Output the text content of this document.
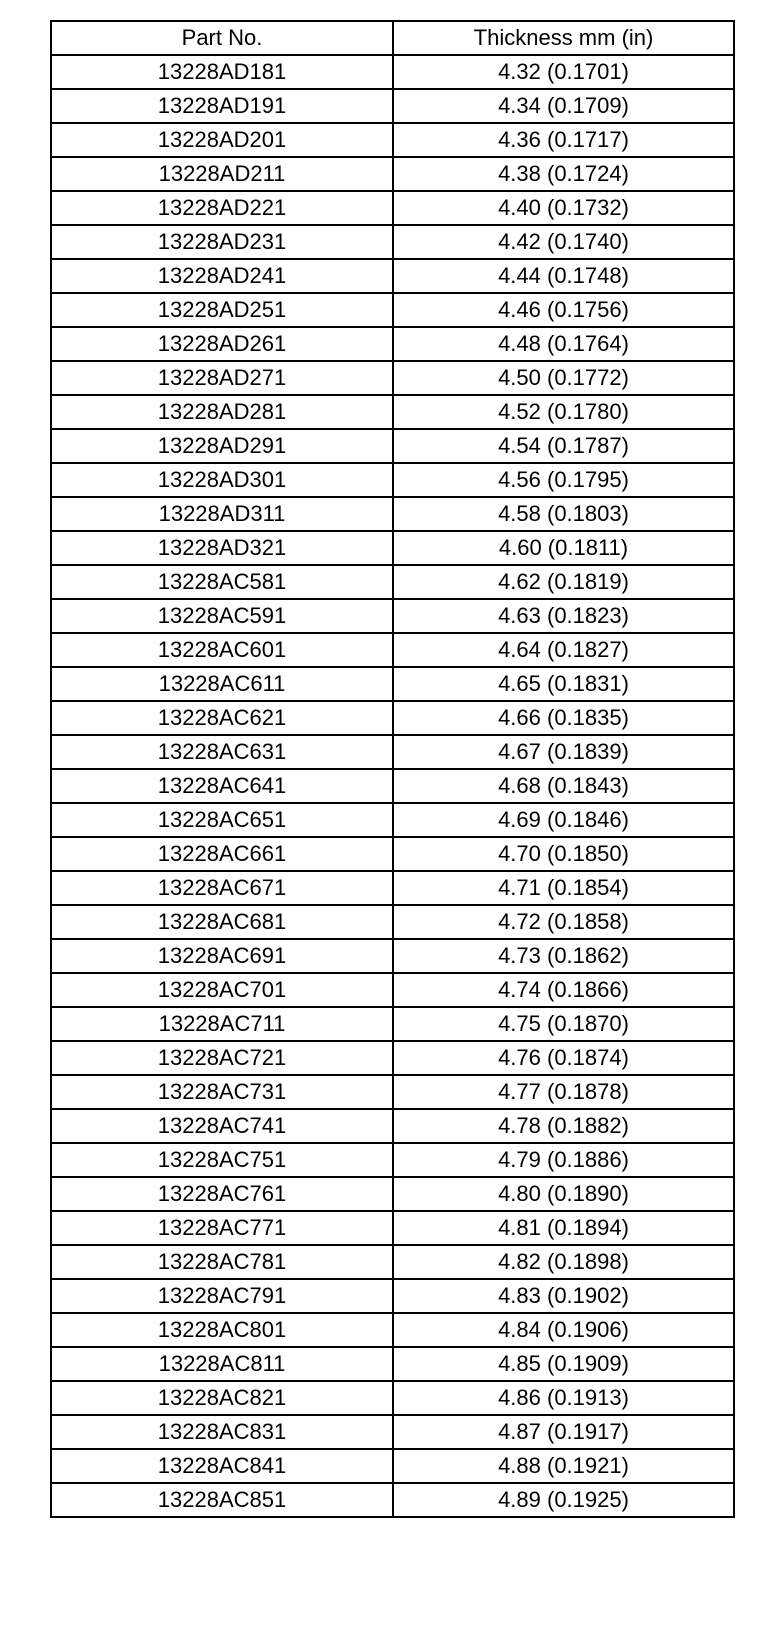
Part No.	Thickness mm (in)
13228AD181	4.32 (0.1701)
13228AD191	4.34 (0.1709)
13228AD201	4.36 (0.1717)
13228AD211	4.38 (0.1724)
13228AD221	4.40 (0.1732)
13228AD231	4.42 (0.1740)
13228AD241	4.44 (0.1748)
13228AD251	4.46 (0.1756)
13228AD261	4.48 (0.1764)
13228AD271	4.50 (0.1772)
13228AD281	4.52 (0.1780)
13228AD291	4.54 (0.1787)
13228AD301	4.56 (0.1795)
13228AD311	4.58 (0.1803)
13228AD321	4.60 (0.1811)
13228AC581	4.62 (0.1819)
13228AC591	4.63 (0.1823)
13228AC601	4.64 (0.1827)
13228AC611	4.65 (0.1831)
13228AC621	4.66 (0.1835)
13228AC631	4.67 (0.1839)
13228AC641	4.68 (0.1843)
13228AC651	4.69 (0.1846)
13228AC661	4.70 (0.1850)
13228AC671	4.71 (0.1854)
13228AC681	4.72 (0.1858)
13228AC691	4.73 (0.1862)
13228AC701	4.74 (0.1866)
13228AC711	4.75 (0.1870)
13228AC721	4.76 (0.1874)
13228AC731	4.77 (0.1878)
13228AC741	4.78 (0.1882)
13228AC751	4.79 (0.1886)
13228AC761	4.80 (0.1890)
13228AC771	4.81 (0.1894)
13228AC781	4.82 (0.1898)
13228AC791	4.83 (0.1902)
13228AC801	4.84 (0.1906)
13228AC811	4.85 (0.1909)
13228AC821	4.86 (0.1913)
13228AC831	4.87 (0.1917)
13228AC841	4.88 (0.1921)
13228AC851	4.89 (0.1925)
